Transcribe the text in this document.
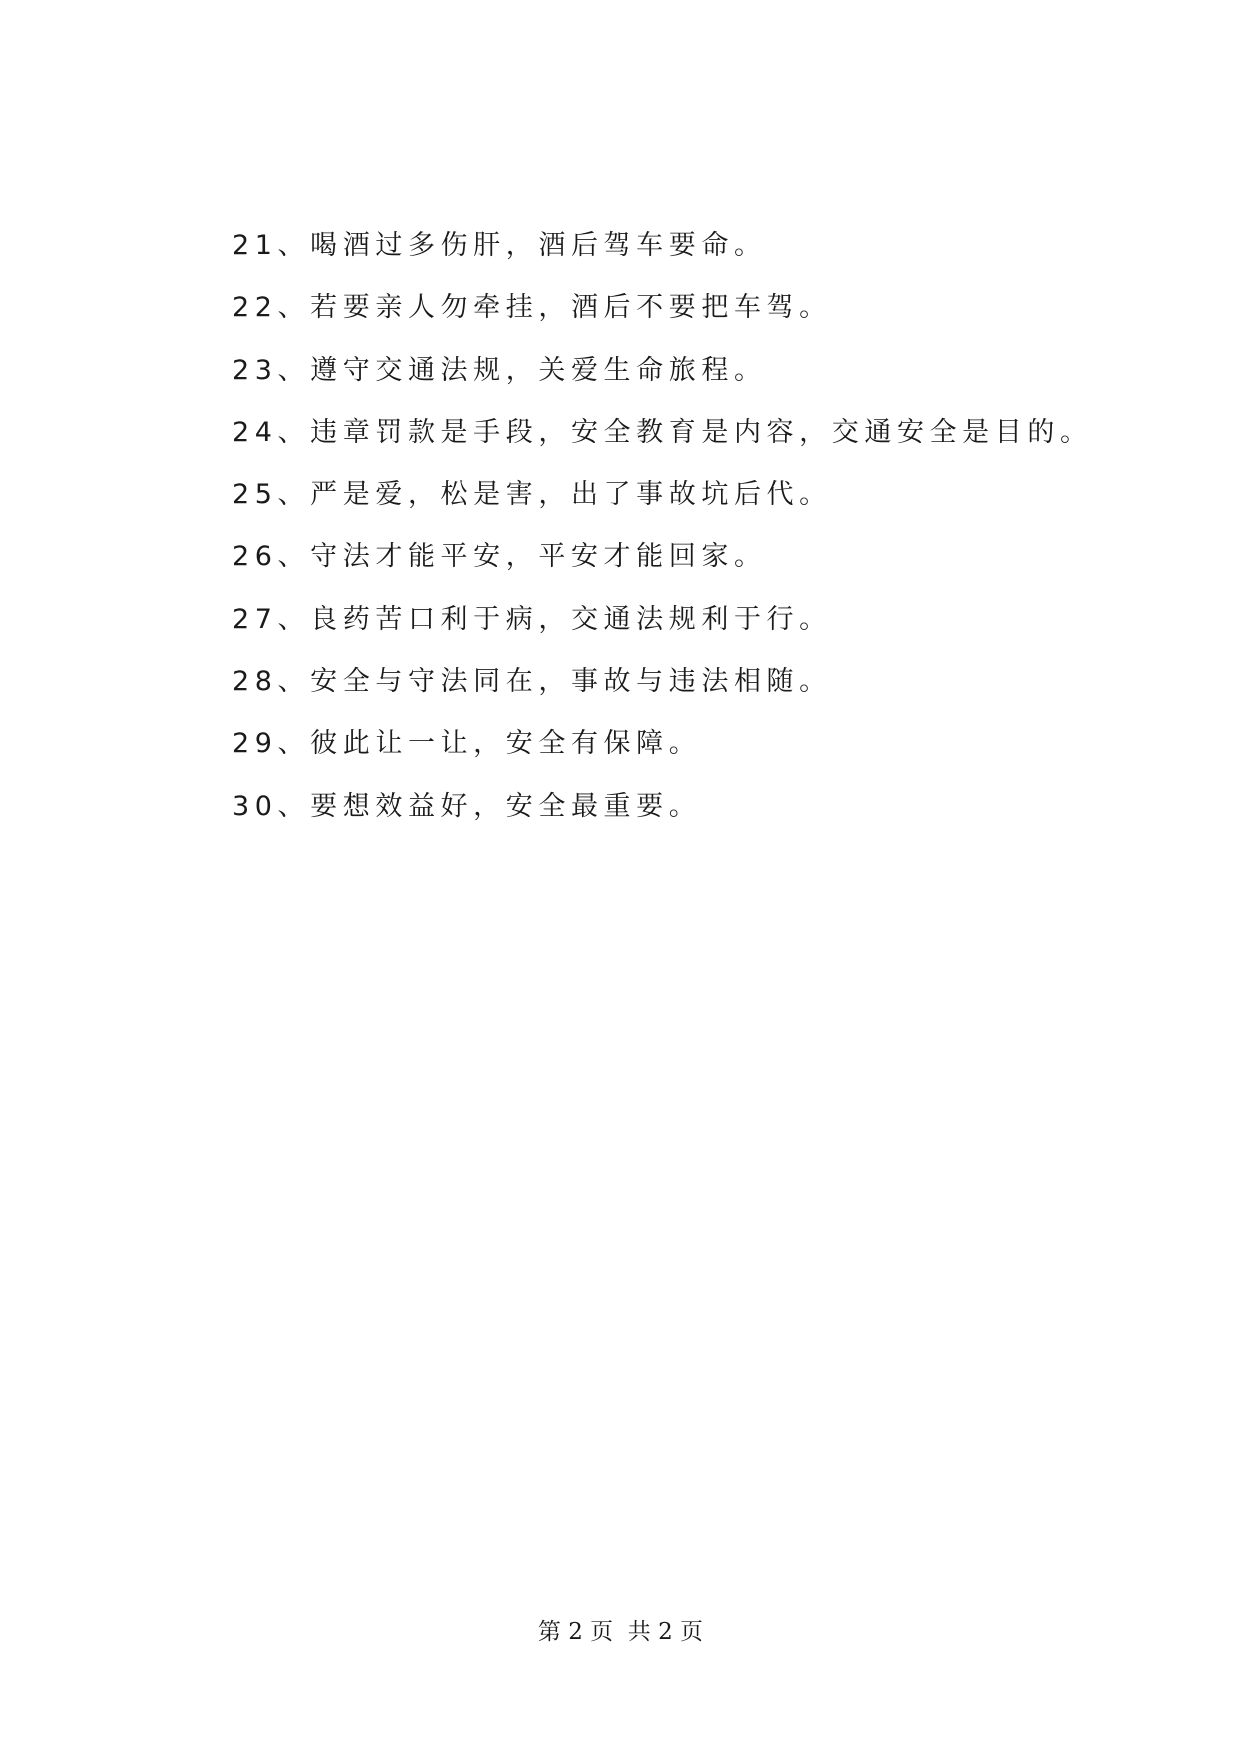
21、喝酒过多伤肝，酒后驾车要命。
22、若要亲人勿牵挂，酒后不要把车驾。
23、遵守交通法规，关爱生命旅程。
24、违章罚款是手段，安全教育是内容，交通安全是目的。
25、严是爱，松是害，出了事故坑后代。
26、守法才能平安，平安才能回家。
27、良药苦口利于病，交通法规利于行。
28、安全与守法同在，事故与违法相随。
29、彼此让一让，安全有保障。
30、要想效益好，安全最重要。
第 2 页  共 2 页
